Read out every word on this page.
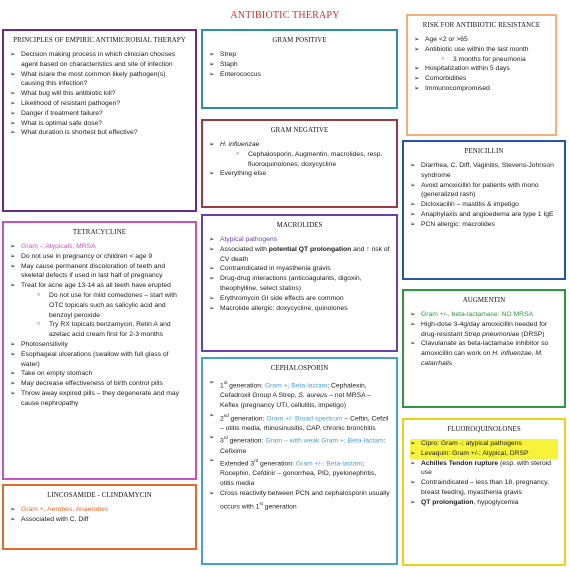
ANTIBIOTIC THERAPY
PRINCIPLES OF EMPIRIC ANTIMICROBIAL THERAPY
➢ Decision making process in which clinician chooses agent based on characteristics and site of infection
➢ What is/are the most common likely pathogen(s) causing this infection?
➢ What bug will this antibiotic kill?
➢ Likelihood of resistant pathogen?
➢ Danger if treatment failure?
➢ What is optimal safe dose?
➢ What duration is shortest but effective?
GRAM POSITIVE
➢ Strep
➢ Staph
➢ Enterococcus
RISK FOR ANTIBIOTIC RESISTANCE
➢ Age <2 or >65
➢ Antibiotic use within the last month
○ 3 months for pneumonia
➢ Hospitalization within 5 days
➢ Comorbidities
➢ Immunocompromised
GRAM NEGATIVE
➢ H. influenzae
○ Cephalosporin, Augmentin, macrolides, resp. fluoroquinolones, doxycycline
➢ Everything else
PENICILLIN
➢ Diarrhea, C. Diff, Vaginitis, Stevens-Johnson syndrome
➢ Avoid amoxicillin for patients with mono (generalized rash)
➢ Dicloxacilin – mastitis & impetigo
➢ Anaphylaxis and angioedema are type 1 IgE
➢ PCN allergic: macrolides
TETRACYCLINE
➢ Gram -; Atypicals; MRSA
➢ Do not use in pregnancy or children < age 9
➢ May cause permanent discoloration of teeth and skeletal defects if used in last half of pregnancy
➢ Treat for acne age 13-14 as all teeth have erupted
○ Do not use for mild comedones – start with OTC topicals such as salicylic acid and benzoyl peroxide
○ Try RX topicals benzamycin, Retin A and azelaic acid cream first for 2-3 months
➢ Photosensitivity
➢ Esophageal ulcerations (swallow with full glass of water)
➢ Take on empty stomach
➢ May decrease effectiveness of birth control pills
➢ Throw away expired pills – they degenerate and may cause nephropathy
MACROLIDES
➢ Atypical pathogens
➢ Associated with potential QT prolongation and ↑ risk of CV death
➢ Contraindicated in myasthenia gravis
➢ Drug-drug interactions (anticoagulants, digoxin, theophylline, select statins)
➢ Erythromycin GI side effects are common
➢ Macrolide allergic: doxycycline, quinolones
AUGMENTIN
➢ Gram +/-, beta-lactamase. NO MRSA
➢ High-dose 3-4g/day amoxicillin needed for drug-resistant Strep pneumoniae (DRSP)
➢ Clavulanate as beta-lactamase inhibitor so amoxicillin can work on H. influenzae, M. catarrhalis
CEPHALOSPORIN
➢ 1st generation: Gram +; Beta-lactam; Cephalexin, Cefadroxil Group A Strep, S. aureus – not MRSA – Keflex (pregnancy UTI, cellulitis, impetigo)
➢ 2nd generation: Gram +/- Broad spectrum – Ceftin, Cefzil – otitis media, rhinosinusitis, CAP, chronic bronchitis
➢ 3rd generation: Gram – with weak Gram +; Beta-lactam: Cefixime
➢ Extended 3rd generation: Gram +/-; Beta-lactam; Rocephin, Cefdinir – gonorrhea, PID, pyelonephritis, otitis media
➢ Cross reactivity between PCN and cephalosporin usually occurs with 1st generation
FLUOROQUINOLONES
➢ Cipro: Gram -; atypical pathogens
➢ Levaquin: Gram +/-; Atypical, DRSP
➢ Achilles Tendon rupture (esp. with steroid use
➢ Contraindicated – less than 18, pregnancy, breast feeding, myasthenia gravis
➢ QT prolongation, hypoglycemia
LINCOSAMIDE - CLINDAMYCIN
➢ Gram +, Aerobes, Anaerobes
➢ Associated with C. Diff
